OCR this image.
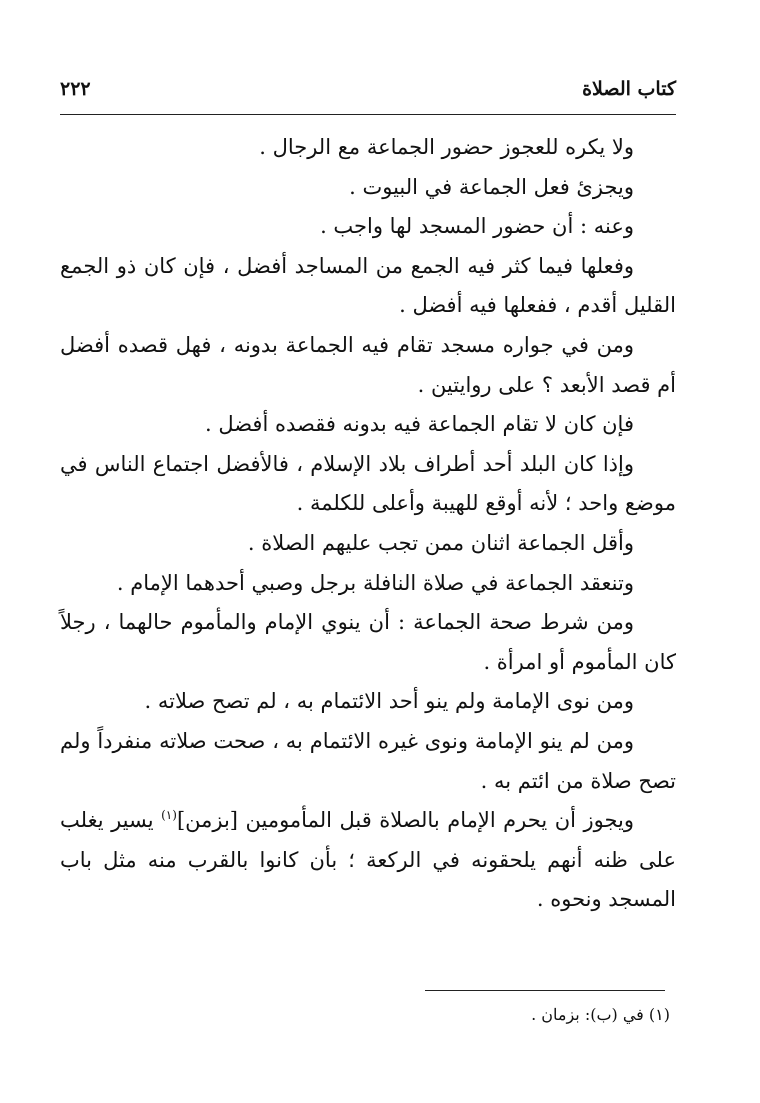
كتاب الصلاة
٢٢٢

ولا يكره للعجوز حضور الجماعة مع الرجال .

ويجزئ فعل الجماعة في البيوت .

وعنه : أن حضور المسجد لها واجب .

وفعلها فيما كثر فيه الجمع من المساجد أفضل ، فإن كان ذو الجمع القليل أقدم ، ففعلها فيه أفضل .

ومن في جواره مسجد تقام فيه الجماعة بدونه ، فهل قصده أفضل أم قصد الأبعد ؟ على روايتين .

فإن كان لا تقام الجماعة فيه بدونه فقصده أفضل .

وإذا كان البلد أحد أطراف بلاد الإسلام ، فالأفضل اجتماع الناس في موضع واحد ؛ لأنه أوقع للهيبة وأعلى للكلمة .

وأقل الجماعة اثنان ممن تجب عليهم الصلاة .

وتنعقد الجماعة في صلاة النافلة برجل وصبي أحدهما الإمام .

ومن شرط صحة الجماعة : أن ينوي الإمام والمأموم حالهما ، رجلاً كان المأموم أو امرأة .

ومن نوى الإمامة ولم ينو أحد الائتمام به ، لم تصح صلاته .

ومن لم ينو الإمامة ونوى غيره الائتمام به ، صحت صلاته منفرداً ولم تصح صلاة من ائتم به .

ويجوز أن يحرم الإمام بالصلاة قبل المأمومين [بزمن]$^{(١)}$ يسير يغلب على ظنه أنهم يلحقونه في الركعة ؛ بأن كانوا بالقرب منه مثل باب المسجد ونحوه .

(١) في (ب): بزمان .
